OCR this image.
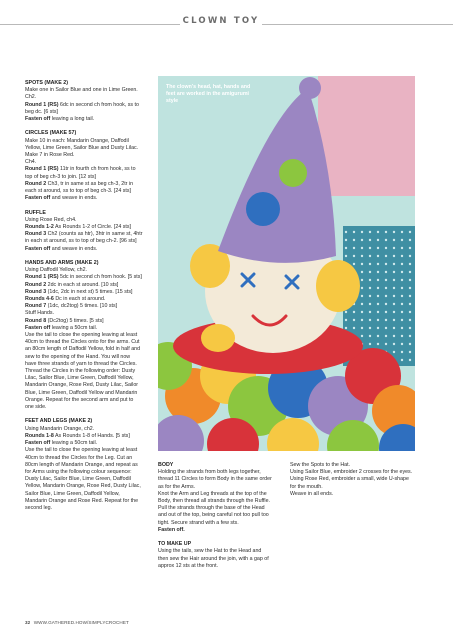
CLOWN TOY
SPOTS (MAKE 2)
Make one in Sailor Blue and one in Lime Green.
Ch2.
Round 1 (RS) 6dc in second ch from hook, ss to beg dc. [6 sts]
Fasten off leaving a long tail.
CIRCLES (MAKE 57)
Make 10 in each: Mandarin Orange, Daffodil Yellow, Lime Green, Sailor Blue and Dusty Lilac. Make 7 in Rose Red.
Ch4.
Round 1 (RS) 11tr in fourth ch from hook, ss to top of beg ch-3 to join. [12 sts]
Round 2 Ch3, tr in same st as beg ch-3, 2tr in each st around, ss to top of beg ch-3. [24 sts]
Fasten off and weave in ends.
RUFFLE
Using Rose Red, ch4.
Rounds 1-2 As Rounds 1-2 of Circle. [24 sts]
Round 3 Ch2 (counts as htr), 3htr in same st, 4htr in each st around, ss to top of beg ch-2. [96 sts]
Fasten off and weave in ends.
HANDS AND ARMS (MAKE 2)
Using Daffodil Yellow, ch2.
Round 1 (RS) 5dc in second ch from hook. [5 sts]
Round 2 2dc in each st around. [10 sts]
Round 3 (1dc, 2dc in next st) 5 times. [15 sts]
Rounds 4-6 Dc in each st around.
Round 7 (1dc, dc2tog) 5 times. [10 sts]
Stuff Hands.
Round 8 (Dc2tog) 5 times. [5 sts]
Fasten off leaving a 50cm tail.
Use the tail to close the opening leaving at least 40cm to thread the Circles onto for the arms. Cut an 80cm length of Daffodil Yellow, fold in half and sew to the opening of the Hand. You will now have three strands of yarn to thread the Circles. Thread the Circles in the following order: Dusty Lilac, Sailor Blue, Lime Green, Daffodil Yellow, Mandarin Orange, Rose Red, Dusty Lilac, Sailor Blue, Lime Green, Daffodil Yellow and Mandarin Orange. Repeat for the second arm and put to one side.
FEET AND LEGS (MAKE 2)
Using Mandarin Orange, ch2.
Rounds 1-8 As Rounds 1-8 of Hands. [5 sts]
Fasten off leaving a 50cm tail.
Use the tail to close the opening leaving at least 40cm to thread the Circles for the Leg. Cut an 80cm length of Mandarin Orange, and repeat as for Arms using the following colour sequence: Dusty Lilac, Sailor Blue, Lime Green, Daffodil Yellow, Mandarin Orange, Rose Red, Dusty Lilac, Sailor Blue, Lime Green, Daffodil Yellow, Mandarin Orange and Rose Red. Repeat for the second leg.
BODY
Holding the strands from both legs together, thread 11 Circles to form Body in the same order as for the Arms.
Knot the Arm and Leg threads at the top of the Body, then thread all strands through the Ruffle.
Pull the strands through the base of the Head and out of the top, being careful not too pull too tight. Secure strand with a few sts.
Fasten off.
TO MAKE UP
Using the tails, sew the Hat to the Head and then sew the Hair around the join, with a gap of approx 12 sts at the front.
Sew the Spots to the Hat.
Using Sailor Blue, embroider 2 crosses for the eyes.
Using Rose Red, embroider a small, wide U-shape for the mouth.
Weave in all ends.
The clown's head, hat, hands and feet are worked in the amigurumi style
32 WWW.GATHERED.HOW/SIMPLYCROCHET
